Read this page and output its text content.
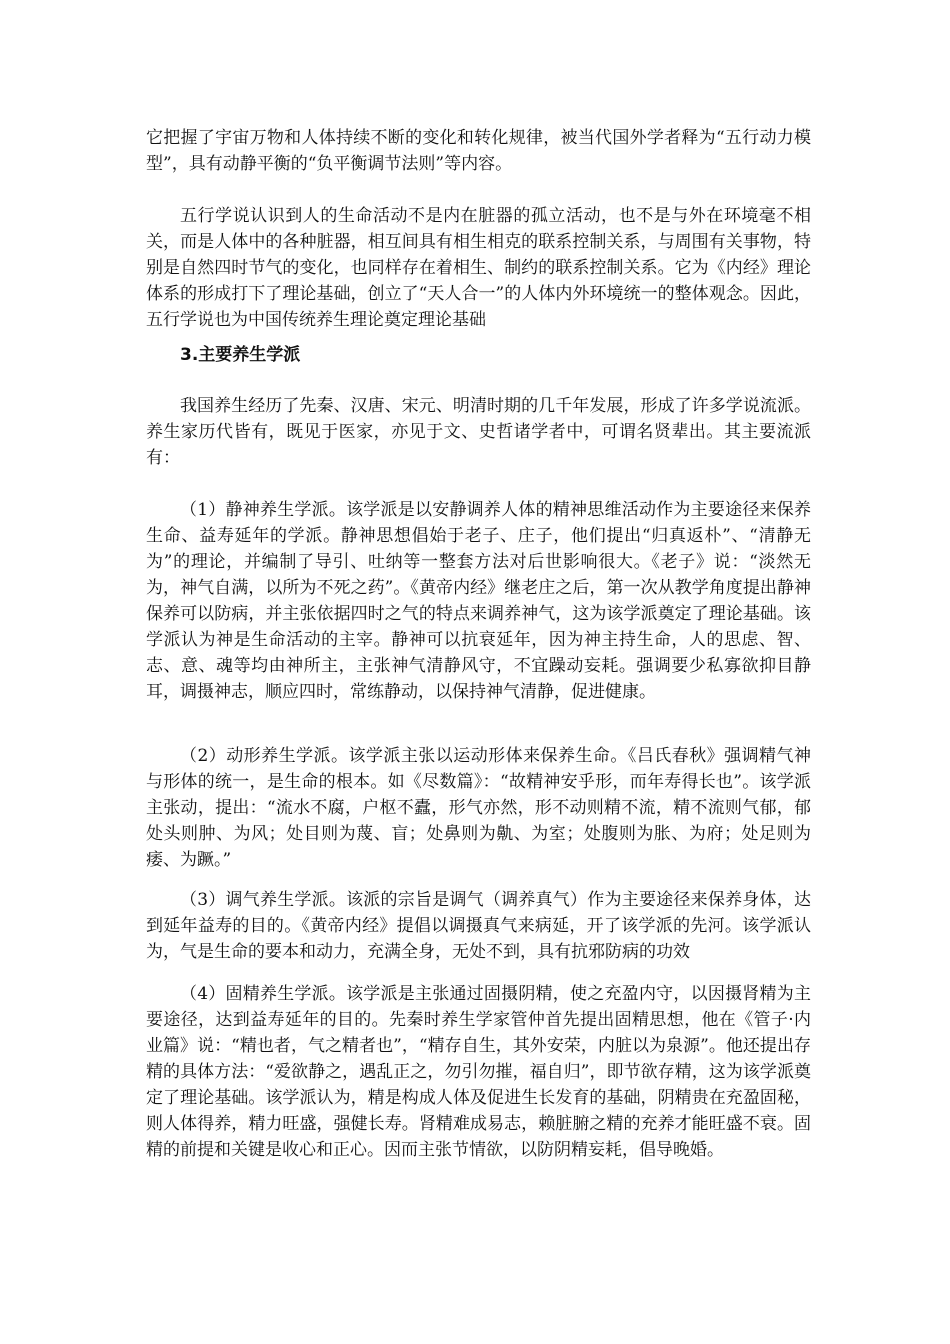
它把握了宇宙万物和人体持续不断的变化和转化规律，被当代国外学者释为“五行动力模型”，具有动静平衡的“负平衡调节法则”等内容。

五行学说认识到人的生命活动不是内在脏器的孤立活动，也不是与外在环境毫不相关，而是人体中的各种脏器，相互间具有相生相克的联系控制关系，与周围有关事物，特别是自然四时节气的变化，也同样存在着相生、制约的联系控制关系。它为《内经》理论体系的形成打下了理论基础，创立了“天人合一”的人体内外环境统一的整体观念。因此，五行学说也为中国传统养生理论奠定理论基础

3.主要养生学派

我国养生经历了先秦、汉唐、宋元、明清时期的几千年发展，形成了许多学说流派。养生家历代皆有，既见于医家，亦见于文、史哲诸学者中，可谓名贤辈出。其主要流派有：

（1）静神养生学派。该学派是以安静调养人体的精神思维活动作为主要途径来保养生命、益寿延年的学派。静神思想倡始于老子、庄子，他们提出“归真返朴”、“清静无为”的理论，并编制了导引、吐纳等一整套方法对后世影响很大。《老子》说：“淡然无为，神气自满，以所为不死之药”。《黄帝内经》继老庄之后，第一次从教学角度提出静神保养可以防病，并主张依据四时之气的特点来调养神气，这为该学派奠定了理论基础。该学派认为神是生命活动的主宰。静神可以抗衰延年，因为神主持生命，人的思虑、智、志、意、魂等均由神所主，主张神气清静风守，不宜躁动妄耗。强调要少私寡欲抑目静耳，调摄神志，顺应四时，常练静动，以保持神气清静，促进健康。

（2）动形养生学派。该学派主张以运动形体来保养生命。《吕氏春秋》强调精气神与形体的统一，是生命的根本。如《尽数篇》：“故精神安乎形，而年寿得长也”。该学派主张动，提出：“流水不腐，户枢不蠹，形气亦然，形不动则精不流，精不流则气郁，郁处头则肿、为风；处目则为蔑、盲；处鼻则为鼽、为室；处腹则为胀、为府；处足则为痿、为蹶。”

（3）调气养生学派。该派的宗旨是调气（调养真气）作为主要途径来保养身体，达到延年益寿的目的。《黄帝内经》提倡以调摄真气来病延，开了该学派的先河。该学派认为，气是生命的要本和动力，充满全身，无处不到，具有抗邪防病的功效

（4）固精养生学派。该学派是主张通过固摄阴精，使之充盈内守，以因摄肾精为主要途径，达到益寿延年的目的。先秦时养生学家管仲首先提出固精思想，他在《管子·内业篇》说：“精也者，气之精者也”，“精存自生，其外安荣，内脏以为泉源”。他还提出存精的具体方法：“爱欲静之，遇乱正之，勿引勿摧，福自归”，即节欲存精，这为该学派奠定了理论基础。该学派认为，精是构成人体及促进生长发育的基础，阴精贵在充盈固秘，则人体得养，精力旺盛，强健长寿。肾精难成易志，赖脏腑之精的充养才能旺盛不衰。固精的前提和关键是收心和正心。因而主张节情欲，以防阴精妄耗，倡导晚婚。
